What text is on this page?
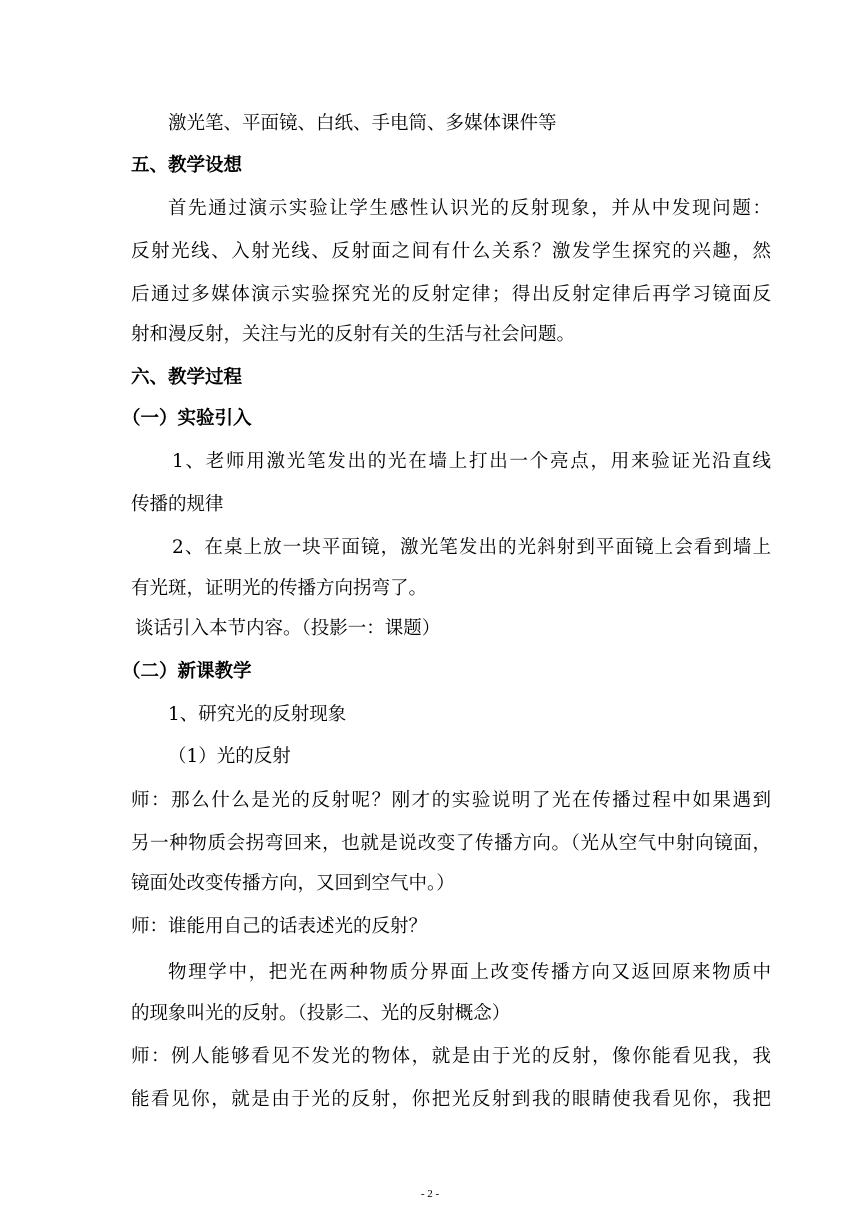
激光笔、平面镜、白纸、手电筒、多媒体课件等
五、教学设想
首先通过演示实验让学生感性认识光的反射现象，并从中发现问题：
反射光线、入射光线、反射面之间有什么关系？激发学生探究的兴趣，然
后通过多媒体演示实验探究光的反射定律；得出反射定律后再学习镜面反
射和漫反射，关注与光的反射有关的生活与社会问题。
六、教学过程
（一）实验引入
1、老师用激光笔发出的光在墙上打出一个亮点，用来验证光沿直线
传播的规律
2、在桌上放一块平面镜，激光笔发出的光斜射到平面镜上会看到墙上
有光斑，证明光的传播方向拐弯了。
谈话引入本节内容。（投影一：课题）
（二）新课教学
1、研究光的反射现象
（1）光的反射
师：那么什么是光的反射呢？刚才的实验说明了光在传播过程中如果遇到
另一种物质会拐弯回来，也就是说改变了传播方向。（光从空气中射向镜面，
镜面处改变传播方向，又回到空气中。）
师：谁能用自己的话表述光的反射？
物理学中，把光在两种物质分界面上改变传播方向又返回原来物质中
的现象叫光的反射。（投影二、光的反射概念）
师：例人能够看见不发光的物体，就是由于光的反射，像你能看见我，我
能看见你，就是由于光的反射，你把光反射到我的眼睛使我看见你，我把
- 2 -
